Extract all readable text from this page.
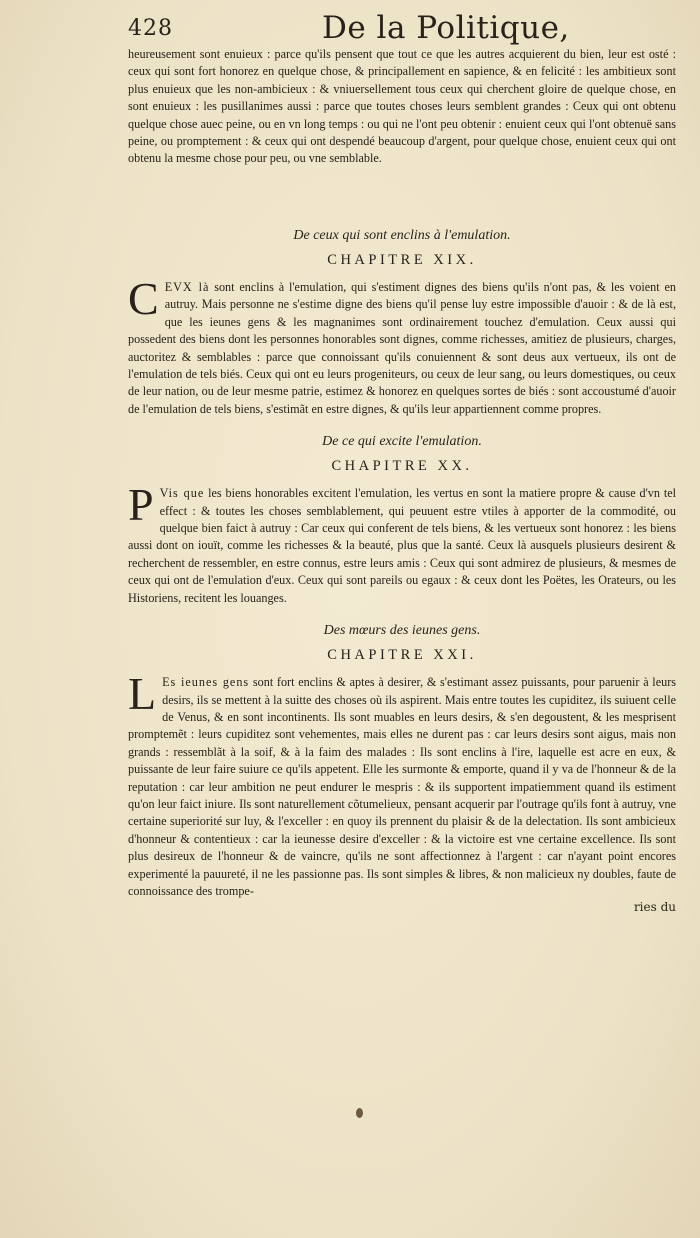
428	De la Politique,

heureusement sont enuieux : parce qu'ils pensent que tout ce que les autres acquierent du bien, leur est osté : ceux qui sont fort honorez en quelque chose, & principallement en sapience, & en felicité : les ambitieux sont plus enuieux que les non-ambicieux : & vniuersellement tous ceux qui cherchent gloire de quelque chose, en sont enuieux : les pusillanimes aussi : parce que toutes choses leurs semblent grandes : Ceux qui ont obtenu quelque chose auec peine, ou en vn long temps : ou qui ne l'ont peu obtenir : enuient ceux qui l'ont obtenuë sans peine, ou promptement : & ceux qui ont despendé beaucoup d'argent, pour quelque chose, enuient ceux qui ont obtenu la mesme chose pour peu, ou vne semblable.

De ceux qui sont enclins à l'emulation.
CHAPITRE XIX.

CEVX là sont enclins à l'emulation, qui s'estiment dignes des biens qu'ils n'ont pas, & les voient en autruy. Mais personne ne s'estime digne des biens qu'il pense luy estre impossible d'auoir : & de là est, que les ieunes gens & les magnanimes sont ordinairement touchez d'emulation. Ceux aussi qui possedent des biens dont les personnes honorables sont dignes, comme richesses, amitiez de plusieurs, charges, auctoritez & semblables : parce que connoissant qu'ils conuiennent & sont deus aux vertueux, ils ont de l'emulation de tels biés. Ceux qui ont eu leurs progeniteurs, ou ceux de leur sang, ou leurs domestiques, ou ceux de leur nation, ou de leur mesme patrie, estimez & honorez en quelques sortes de biés : sont accoustumé d'auoir de l'emulation de tels biens, s'estimãt en estre dignes, & qu'ils leur appartiennent comme propres.

De ce qui excite l'emulation.
CHAPITRE XX.

P Vis que les biens honorables excitent l'emulation, les vertus en sont la matiere propre & cause d'vn tel effect : & toutes les choses semblablement, qui peuuent estre vtiles à apporter de la commodité, ou quelque bien faict à autruy : Car ceux qui conferent de tels biens, & les vertueux sont honorez : les biens aussi dont on iouït, comme les richesses & la beauté, plus que la santé. Ceux là ausquels plusieurs desirent & recherchent de ressembler, en estre connus, estre leurs amis : Ceux qui sont admirez de plusieurs, & mesmes de ceux qui ont de l'emulation d'eux. Ceux qui sont pareils ou egaux : & ceux dont les Poëtes, les Orateurs, ou les Historiens, recitent les louanges.

Des mœurs des ieunes gens.
CHAPITRE XXI.

L Es ieunes gens sont fort enclins & aptes à desirer, & s'estimant assez puissants, pour paruenir à leurs desirs, ils se mettent à la suitte des choses où ils aspirent. Mais entre toutes les cupiditez, ils suiuent celle de Venus, & en sont incontinents. Ils sont muables en leurs desirs, & s'en degoustent, & les mesprisent promptemẽt : leurs cupiditez sont vehementes, mais elles ne durent pas : car leurs desirs sont aigus, mais non grands : ressemblãt à la soif, & à la faim des malades : Ils sont enclins à l'ire, laquelle est acre en eux, & puissante de leur faire suiure ce qu'ils appetent. Elle les surmonte & emporte, quand il y va de l'honneur & de la reputation : car leur ambition ne peut endurer le mespris : & ils supportent impatiemment quand ils estiment qu'on leur faict iniure. Ils sont naturellement cõtumelieux, pensant acquerir par l'outrage qu'ils font à autruy, vne certaine superiorité sur luy, & l'exceller : en quoy ils prennent du plaisir & de la delectation. Ils sont ambicieux d'honneur & contentieux : car la ieunesse desire d'exceller : & la victoire est vne certaine excellence. Ils sont plus desireux de l'honneur & de vaincre, qu'ils ne sont affectionnez à l'argent : car n'ayant point encores experimenté la pauureté, il ne les passionne pas. Ils sont simples & libres, & non malicieux ny doubles, faute de connoissance des trompe-

ries du
